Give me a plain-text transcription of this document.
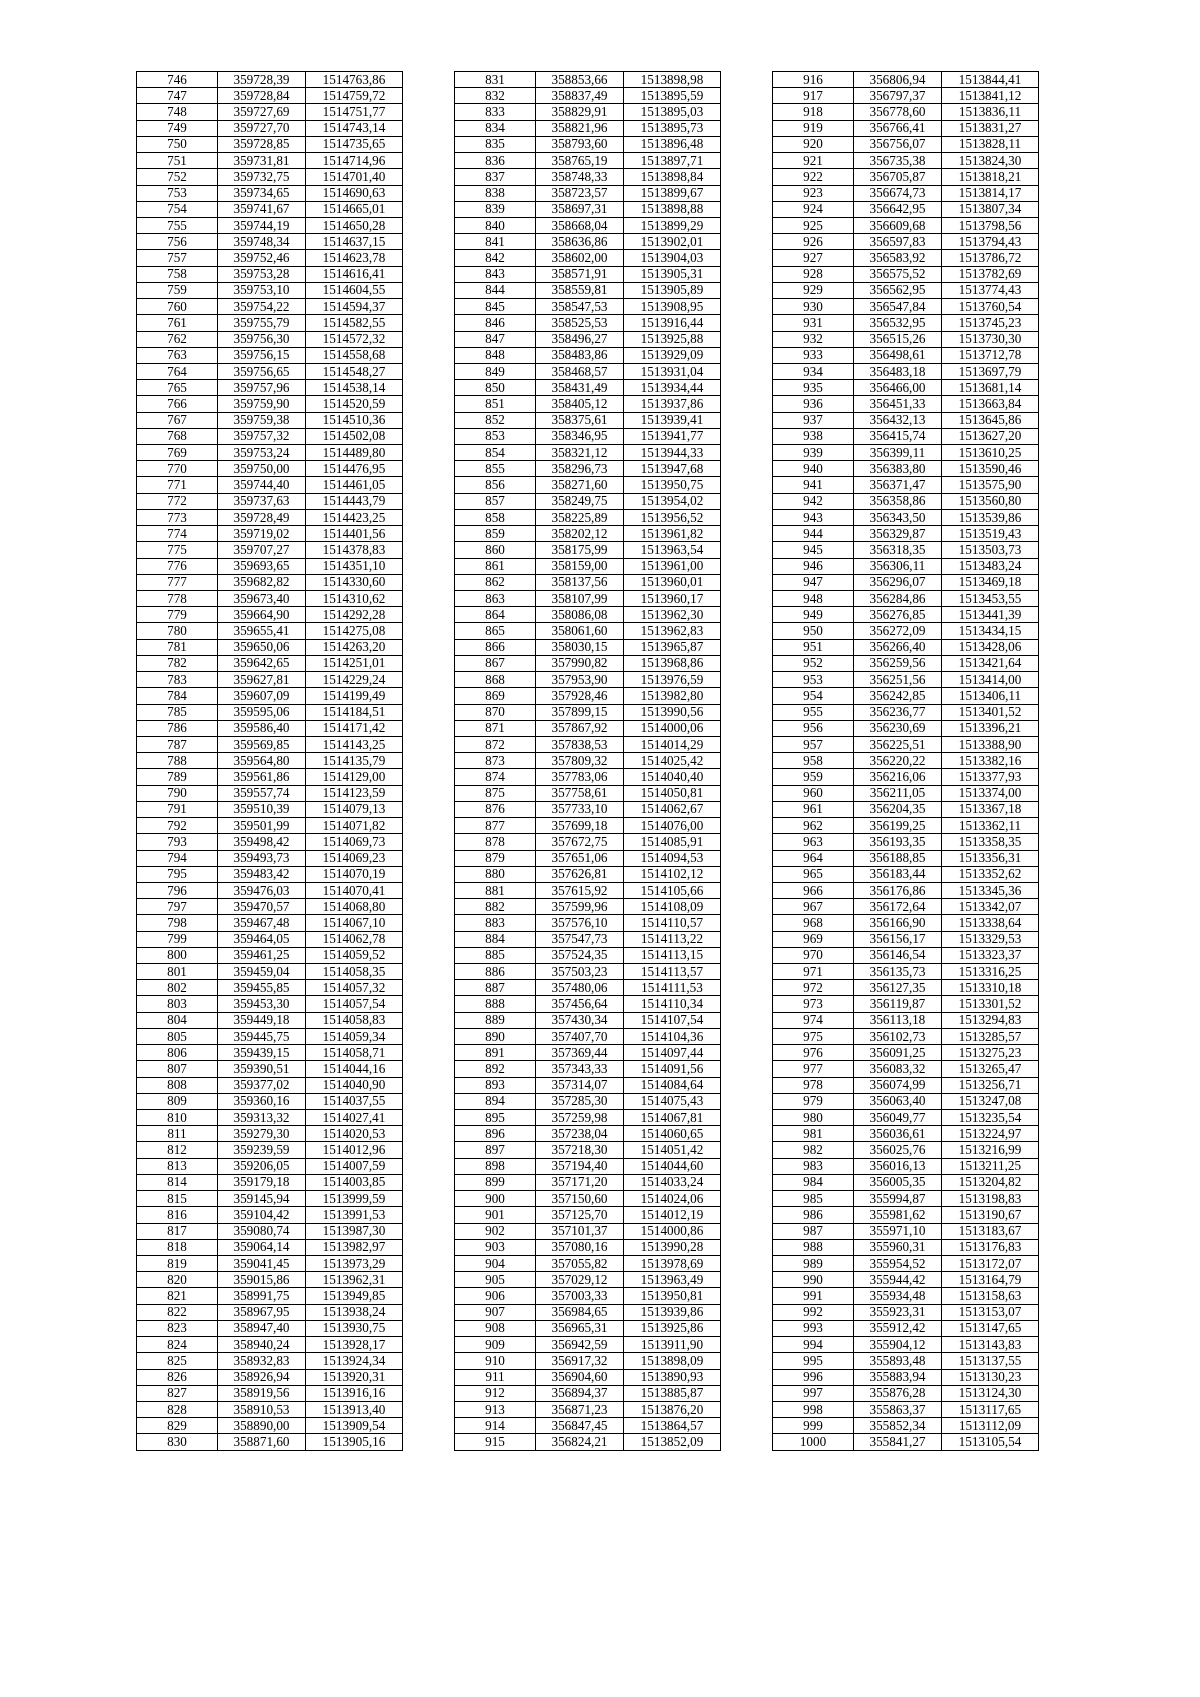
746	359728,39	1514763,86
747	359728,84	1514759,72
748	359727,69	1514751,77
749	359727,70	1514743,14
750	359728,85	1514735,65
751	359731,81	1514714,96
752	359732,75	1514701,40
753	359734,65	1514690,63
754	359741,67	1514665,01
755	359744,19	1514650,28
756	359748,34	1514637,15
757	359752,46	1514623,78
758	359753,28	1514616,41
759	359753,10	1514604,55
760	359754,22	1514594,37
761	359755,79	1514582,55
762	359756,30	1514572,32
763	359756,15	1514558,68
764	359756,65	1514548,27
765	359757,96	1514538,14
766	359759,90	1514520,59
767	359759,38	1514510,36
768	359757,32	1514502,08
769	359753,24	1514489,80
770	359750,00	1514476,95
771	359744,40	1514461,05
772	359737,63	1514443,79
773	359728,49	1514423,25
774	359719,02	1514401,56
775	359707,27	1514378,83
776	359693,65	1514351,10
777	359682,82	1514330,60
778	359673,40	1514310,62
779	359664,90	1514292,28
780	359655,41	1514275,08
781	359650,06	1514263,20
782	359642,65	1514251,01
783	359627,81	1514229,24
784	359607,09	1514199,49
785	359595,06	1514184,51
786	359586,40	1514171,42
787	359569,85	1514143,25
788	359564,80	1514135,79
789	359561,86	1514129,00
790	359557,74	1514123,59
791	359510,39	1514079,13
792	359501,99	1514071,82
793	359498,42	1514069,73
794	359493,73	1514069,23
795	359483,42	1514070,19
796	359476,03	1514070,41
797	359470,57	1514068,80
798	359467,48	1514067,10
799	359464,05	1514062,78
800	359461,25	1514059,52
801	359459,04	1514058,35
802	359455,85	1514057,32
803	359453,30	1514057,54
804	359449,18	1514058,83
805	359445,75	1514059,34
806	359439,15	1514058,71
807	359390,51	1514044,16
808	359377,02	1514040,90
809	359360,16	1514037,55
810	359313,32	1514027,41
811	359279,30	1514020,53
812	359239,59	1514012,96
813	359206,05	1514007,59
814	359179,18	1514003,85
815	359145,94	1513999,59
816	359104,42	1513991,53
817	359080,74	1513987,30
818	359064,14	1513982,97
819	359041,45	1513973,29
820	359015,86	1513962,31
821	358991,75	1513949,85
822	358967,95	1513938,24
823	358947,40	1513930,75
824	358940,24	1513928,17
825	358932,83	1513924,34
826	358926,94	1513920,31
827	358919,56	1513916,16
828	358910,53	1513913,40
829	358890,00	1513909,54
830	358871,60	1513905,16
831	358853,66	1513898,98
832	358837,49	1513895,59
833	358829,91	1513895,03
834	358821,96	1513895,73
835	358793,60	1513896,48
836	358765,19	1513897,71
837	358748,33	1513898,84
838	358723,57	1513899,67
839	358697,31	1513898,88
840	358668,04	1513899,29
841	358636,86	1513902,01
842	358602,00	1513904,03
843	358571,91	1513905,31
844	358559,81	1513905,89
845	358547,53	1513908,95
846	358525,53	1513916,44
847	358496,27	1513925,88
848	358483,86	1513929,09
849	358468,57	1513931,04
850	358431,49	1513934,44
851	358405,12	1513937,86
852	358375,61	1513939,41
853	358346,95	1513941,77
854	358321,12	1513944,33
855	358296,73	1513947,68
856	358271,60	1513950,75
857	358249,75	1513954,02
858	358225,89	1513956,52
859	358202,12	1513961,82
860	358175,99	1513963,54
861	358159,00	1513961,00
862	358137,56	1513960,01
863	358107,99	1513960,17
864	358086,08	1513962,30
865	358061,60	1513962,83
866	358030,15	1513965,87
867	357990,82	1513968,86
868	357953,90	1513976,59
869	357928,46	1513982,80
870	357899,15	1513990,56
871	357867,92	1514000,06
872	357838,53	1514014,29
873	357809,32	1514025,42
874	357783,06	1514040,40
875	357758,61	1514050,81
876	357733,10	1514062,67
877	357699,18	1514076,00
878	357672,75	1514085,91
879	357651,06	1514094,53
880	357626,81	1514102,12
881	357615,92	1514105,66
882	357599,96	1514108,09
883	357576,10	1514110,57
884	357547,73	1514113,22
885	357524,35	1514113,15
886	357503,23	1514113,57
887	357480,06	1514111,53
888	357456,64	1514110,34
889	357430,34	1514107,54
890	357407,70	1514104,36
891	357369,44	1514097,44
892	357343,33	1514091,56
893	357314,07	1514084,64
894	357285,30	1514075,43
895	357259,98	1514067,81
896	357238,04	1514060,65
897	357218,30	1514051,42
898	357194,40	1514044,60
899	357171,20	1514033,24
900	357150,60	1514024,06
901	357125,70	1514012,19
902	357101,37	1514000,86
903	357080,16	1513990,28
904	357055,82	1513978,69
905	357029,12	1513963,49
906	357003,33	1513950,81
907	356984,65	1513939,86
908	356965,31	1513925,86
909	356942,59	1513911,90
910	356917,32	1513898,09
911	356904,60	1513890,93
912	356894,37	1513885,87
913	356871,23	1513876,20
914	356847,45	1513864,57
915	356824,21	1513852,09
916	356806,94	1513844,41
917	356797,37	1513841,12
918	356778,60	1513836,11
919	356766,41	1513831,27
920	356756,07	1513828,11
921	356735,38	1513824,30
922	356705,87	1513818,21
923	356674,73	1513814,17
924	356642,95	1513807,34
925	356609,68	1513798,56
926	356597,83	1513794,43
927	356583,92	1513786,72
928	356575,52	1513782,69
929	356562,95	1513774,43
930	356547,84	1513760,54
931	356532,95	1513745,23
932	356515,26	1513730,30
933	356498,61	1513712,78
934	356483,18	1513697,79
935	356466,00	1513681,14
936	356451,33	1513663,84
937	356432,13	1513645,86
938	356415,74	1513627,20
939	356399,11	1513610,25
940	356383,80	1513590,46
941	356371,47	1513575,90
942	356358,86	1513560,80
943	356343,50	1513539,86
944	356329,87	1513519,43
945	356318,35	1513503,73
946	356306,11	1513483,24
947	356296,07	1513469,18
948	356284,86	1513453,55
949	356276,85	1513441,39
950	356272,09	1513434,15
951	356266,40	1513428,06
952	356259,56	1513421,64
953	356251,56	1513414,00
954	356242,85	1513406,11
955	356236,77	1513401,52
956	356230,69	1513396,21
957	356225,51	1513388,90
958	356220,22	1513382,16
959	356216,06	1513377,93
960	356211,05	1513374,00
961	356204,35	1513367,18
962	356199,25	1513362,11
963	356193,35	1513358,35
964	356188,85	1513356,31
965	356183,44	1513352,62
966	356176,86	1513345,36
967	356172,64	1513342,07
968	356166,90	1513338,64
969	356156,17	1513329,53
970	356146,54	1513323,37
971	356135,73	1513316,25
972	356127,35	1513310,18
973	356119,87	1513301,52
974	356113,18	1513294,83
975	356102,73	1513285,57
976	356091,25	1513275,23
977	356083,32	1513265,47
978	356074,99	1513256,71
979	356063,40	1513247,08
980	356049,77	1513235,54
981	356036,61	1513224,97
982	356025,76	1513216,99
983	356016,13	1513211,25
984	356005,35	1513204,82
985	355994,87	1513198,83
986	355981,62	1513190,67
987	355971,10	1513183,67
988	355960,31	1513176,83
989	355954,52	1513172,07
990	355944,42	1513164,79
991	355934,48	1513158,63
992	355923,31	1513153,07
993	355912,42	1513147,65
994	355904,12	1513143,83
995	355893,48	1513137,55
996	355883,94	1513130,23
997	355876,28	1513124,30
998	355863,37	1513117,65
999	355852,34	1513112,09
1000	355841,27	1513105,54
